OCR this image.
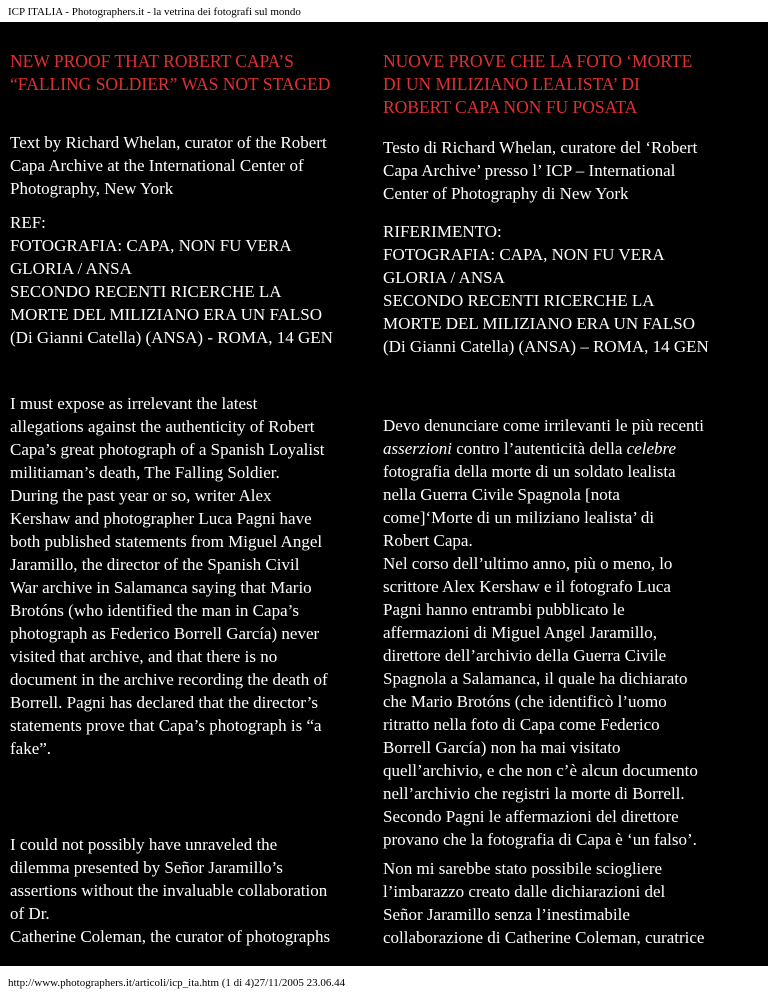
ICP ITALIA - Photographers.it - la vetrina dei fotografi sul mondo
NEW PROOF THAT ROBERT CAPA’S
“FALLING SOLDIER” WAS NOT STAGED
Text by Richard Whelan, curator of the Robert
Capa Archive at the International Center of
Photography, New York
REF:
FOTOGRAFIA: CAPA, NON FU VERA
GLORIA / ANSA
SECONDO RECENTI RICERCHE LA
MORTE DEL MILIZIANO ERA UN FALSO
(Di Gianni Catella) (ANSA) - ROMA, 14 GEN
I must expose as irrelevant the latest
allegations against the authenticity of Robert
Capa’s great photograph of a Spanish Loyalist
militiaman’s death, The Falling Soldier.
During the past year or so, writer Alex
Kershaw and photographer Luca Pagni have
both published statements from Miguel Angel
Jaramillo, the director of the Spanish Civil
War archive in Salamanca saying that Mario
Brotóns (who identified the man in Capa’s
photograph as Federico Borrell García) never
visited that archive, and that there is no
document in the archive recording the death of
Borrell. Pagni has declared that the director’s
statements prove that Capa’s photograph is “a
fake”.
I could not possibly have unraveled the
dilemma presented by Señor Jaramillo’s
assertions without the invaluable collaboration
of Dr.
Catherine Coleman, the curator of photographs
NUOVE PROVE CHE LA FOTO ‘MORTE
DI UN MILIZIANO LEALISTA’ DI
ROBERT CAPA NON FU POSATA
Testo di Richard Whelan, curatore del ‘Robert
Capa Archive’ presso l’ ICP – International
Center of Photography di New York
RIFERIMENTO:
FOTOGRAFIA: CAPA, NON FU VERA
GLORIA / ANSA
SECONDO RECENTI RICERCHE LA
MORTE DEL MILIZIANO ERA UN FALSO
(Di Gianni Catella) (ANSA) – ROMA, 14 GEN
Devo denunciare come irrilevanti le più recenti
asserzioni contro l’autenticità della celebre
fotografia della morte di un soldato lealista
nella Guerra Civile Spagnola [nota
come]‘Morte di un miliziano lealista’ di
Robert Capa.
Nel corso dell’ultimo anno, più o meno, lo
scrittore Alex Kershaw e il fotografo Luca
Pagni hanno entrambi pubblicato le
affermazioni di Miguel Angel Jaramillo,
direttore dell’archivio della Guerra Civile
Spagnola a Salamanca, il quale ha dichiarato
che Mario Brotóns (che identificò l’uomo
ritratto nella foto di Capa come Federico
Borrell García) non ha mai visitato
quell’archivio, e che non c’è alcun documento
nell’archivio che registri la morte di Borrell.
Secondo Pagni le affermazioni del direttore
provano che la fotografia di Capa è ‘un falso’.
Non mi sarebbe stato possibile sciogliere
l’imbarazzo creato dalle dichiarazioni del
Señor Jaramillo senza l’inestimabile
collaborazione di Catherine Coleman, curatrice
http://www.photographers.it/articoli/icp_ita.htm (1 di 4)27/11/2005 23.06.44
